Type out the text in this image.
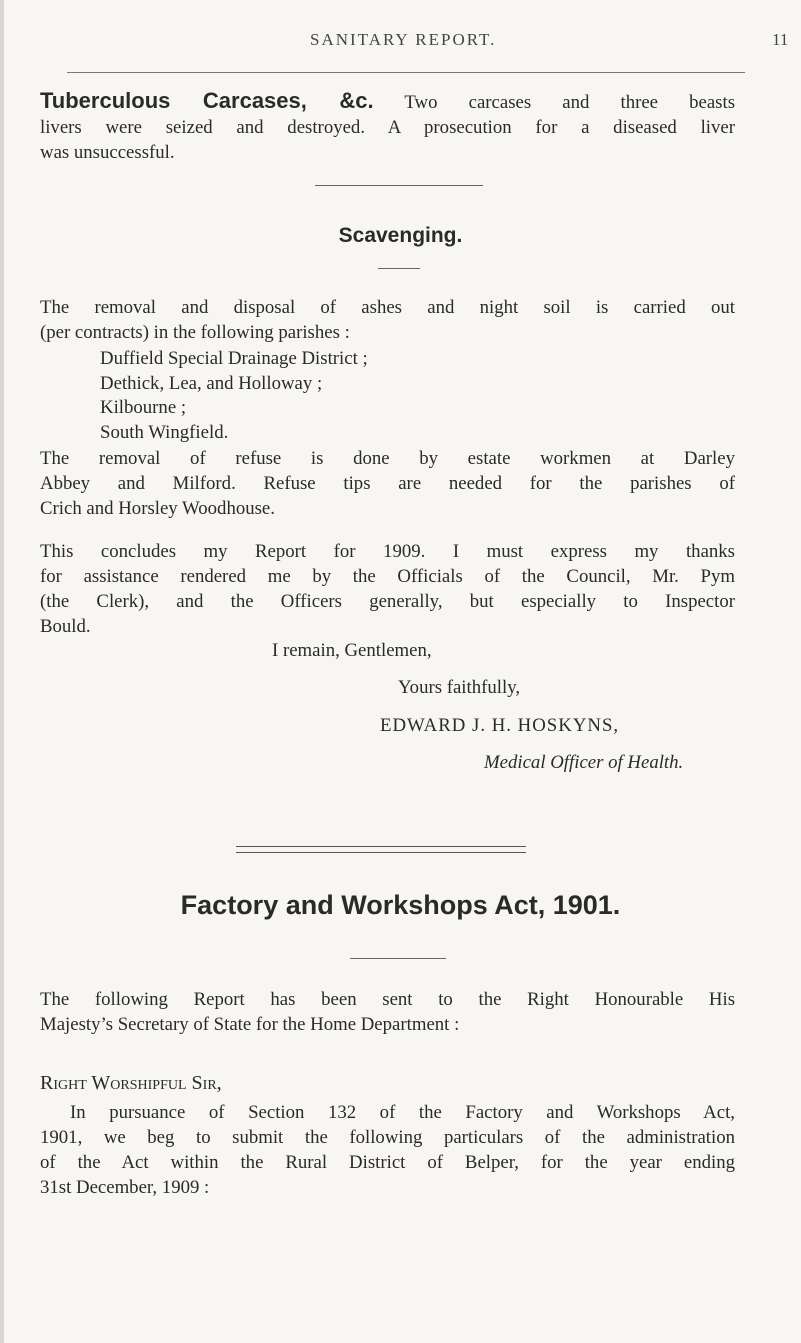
SANITARY REPORT.	11
Tuberculous Carcases, &c. Two carcases and three beasts
livers were seized and destroyed. A prosecution for a diseased liver
was unsuccessful.
Scavenging.
The removal and disposal of ashes and night soil is carried out
(per contracts) in the following parishes :
Duffield Special Drainage District ;
Dethick, Lea, and Holloway ;
Kilbourne ;
South Wingfield.
The removal of refuse is done by estate workmen at Darley
Abbey and Milford. Refuse tips are needed for the parishes of
Crich and Horsley Woodhouse.
This concludes my Report for 1909. I must express my thanks
for assistance rendered me by the Officials of the Council, Mr. Pym
(the Clerk), and the Officers generally, but especially to Inspector
Bould.
I remain, Gentlemen,
Yours faithfully,
EDWARD J. H. HOSKYNS,
Medical Officer of Health.
Factory and Workshops Act, 1901.
The following Report has been sent to the Right Honourable His
Majesty’s Secretary of State for the Home Department :
Right Worshipful Sir,
In pursuance of Section 132 of the Factory and Workshops Act,
1901, we beg to submit the following particulars of the administration
of the Act within the Rural District of Belper, for the year ending
31st December, 1909 :
